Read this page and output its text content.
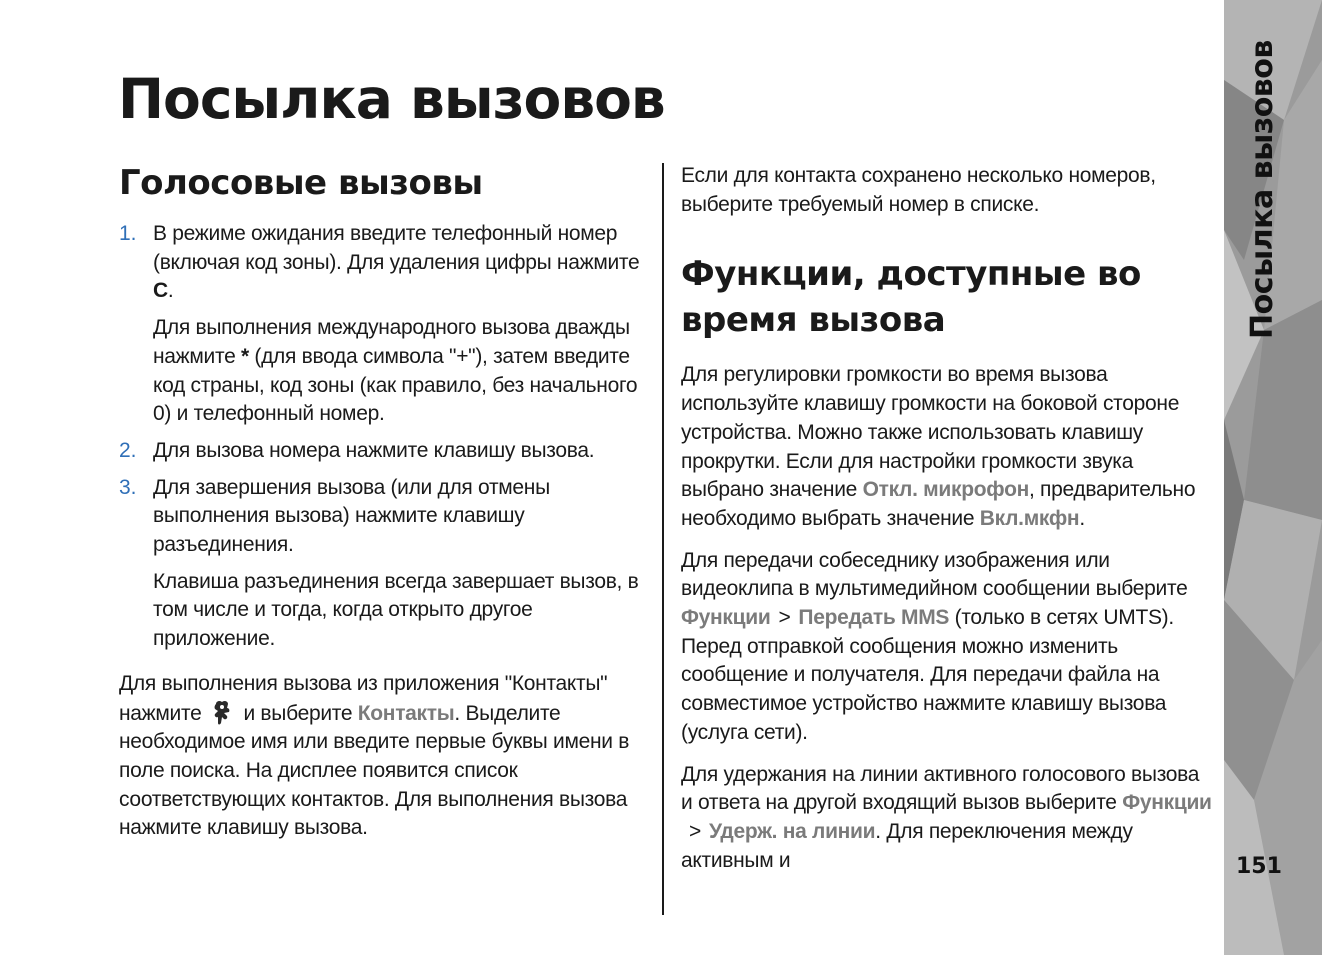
Посылка вызовов
Голосовые вызовы
1. В режиме ожидания введите телефонный номер (включая код зоны). Для удаления цифры нажмите C.
Для выполнения международного вызова дважды нажмите * (для ввода символа "+"), затем введите код страны, код зоны (как правило, без начального 0) и телефонный номер.
2. Для вызова номера нажмите клавишу вызова.
3. Для завершения вызова (или для отмены выполнения вызова) нажмите клавишу разъединения.
Клавиша разъединения всегда завершает вызов, в том числе и тогда, когда открыто другое приложение.

Для выполнения вызова из приложения "Контакты" нажмите и выберите Контакты. Выделите необходимое имя или введите первые буквы имени в поле поиска. На дисплее появится список соответствующих контактов. Для выполнения вызова нажмите клавишу вызова.

Если для контакта сохранено несколько номеров, выберите требуемый номер в списке.

Функции, доступные во время вызова

Для регулировки громкости во время вызова используйте клавишу громкости на боковой стороне устройства. Можно также использовать клавишу прокрутки. Если для настройки громкости звука выбрано значение Откл. микрофон, предварительно необходимо выбрать значение Вкл.мкфн.

Для передачи собеседнику изображения или видеоклипа в мультимедийном сообщении выберите Функции > Передать MMS (только в сетях UMTS). Перед отправкой сообщения можно изменить сообщение и получателя. Для передачи файла на совместимое устройство нажмите клавишу вызова (услуга сети).

Для удержания на линии активного голосового вызова и ответа на другой входящий вызов выберите Функции> Удерж. на линии. Для переключения между активным и

Посылка вызовов
151
